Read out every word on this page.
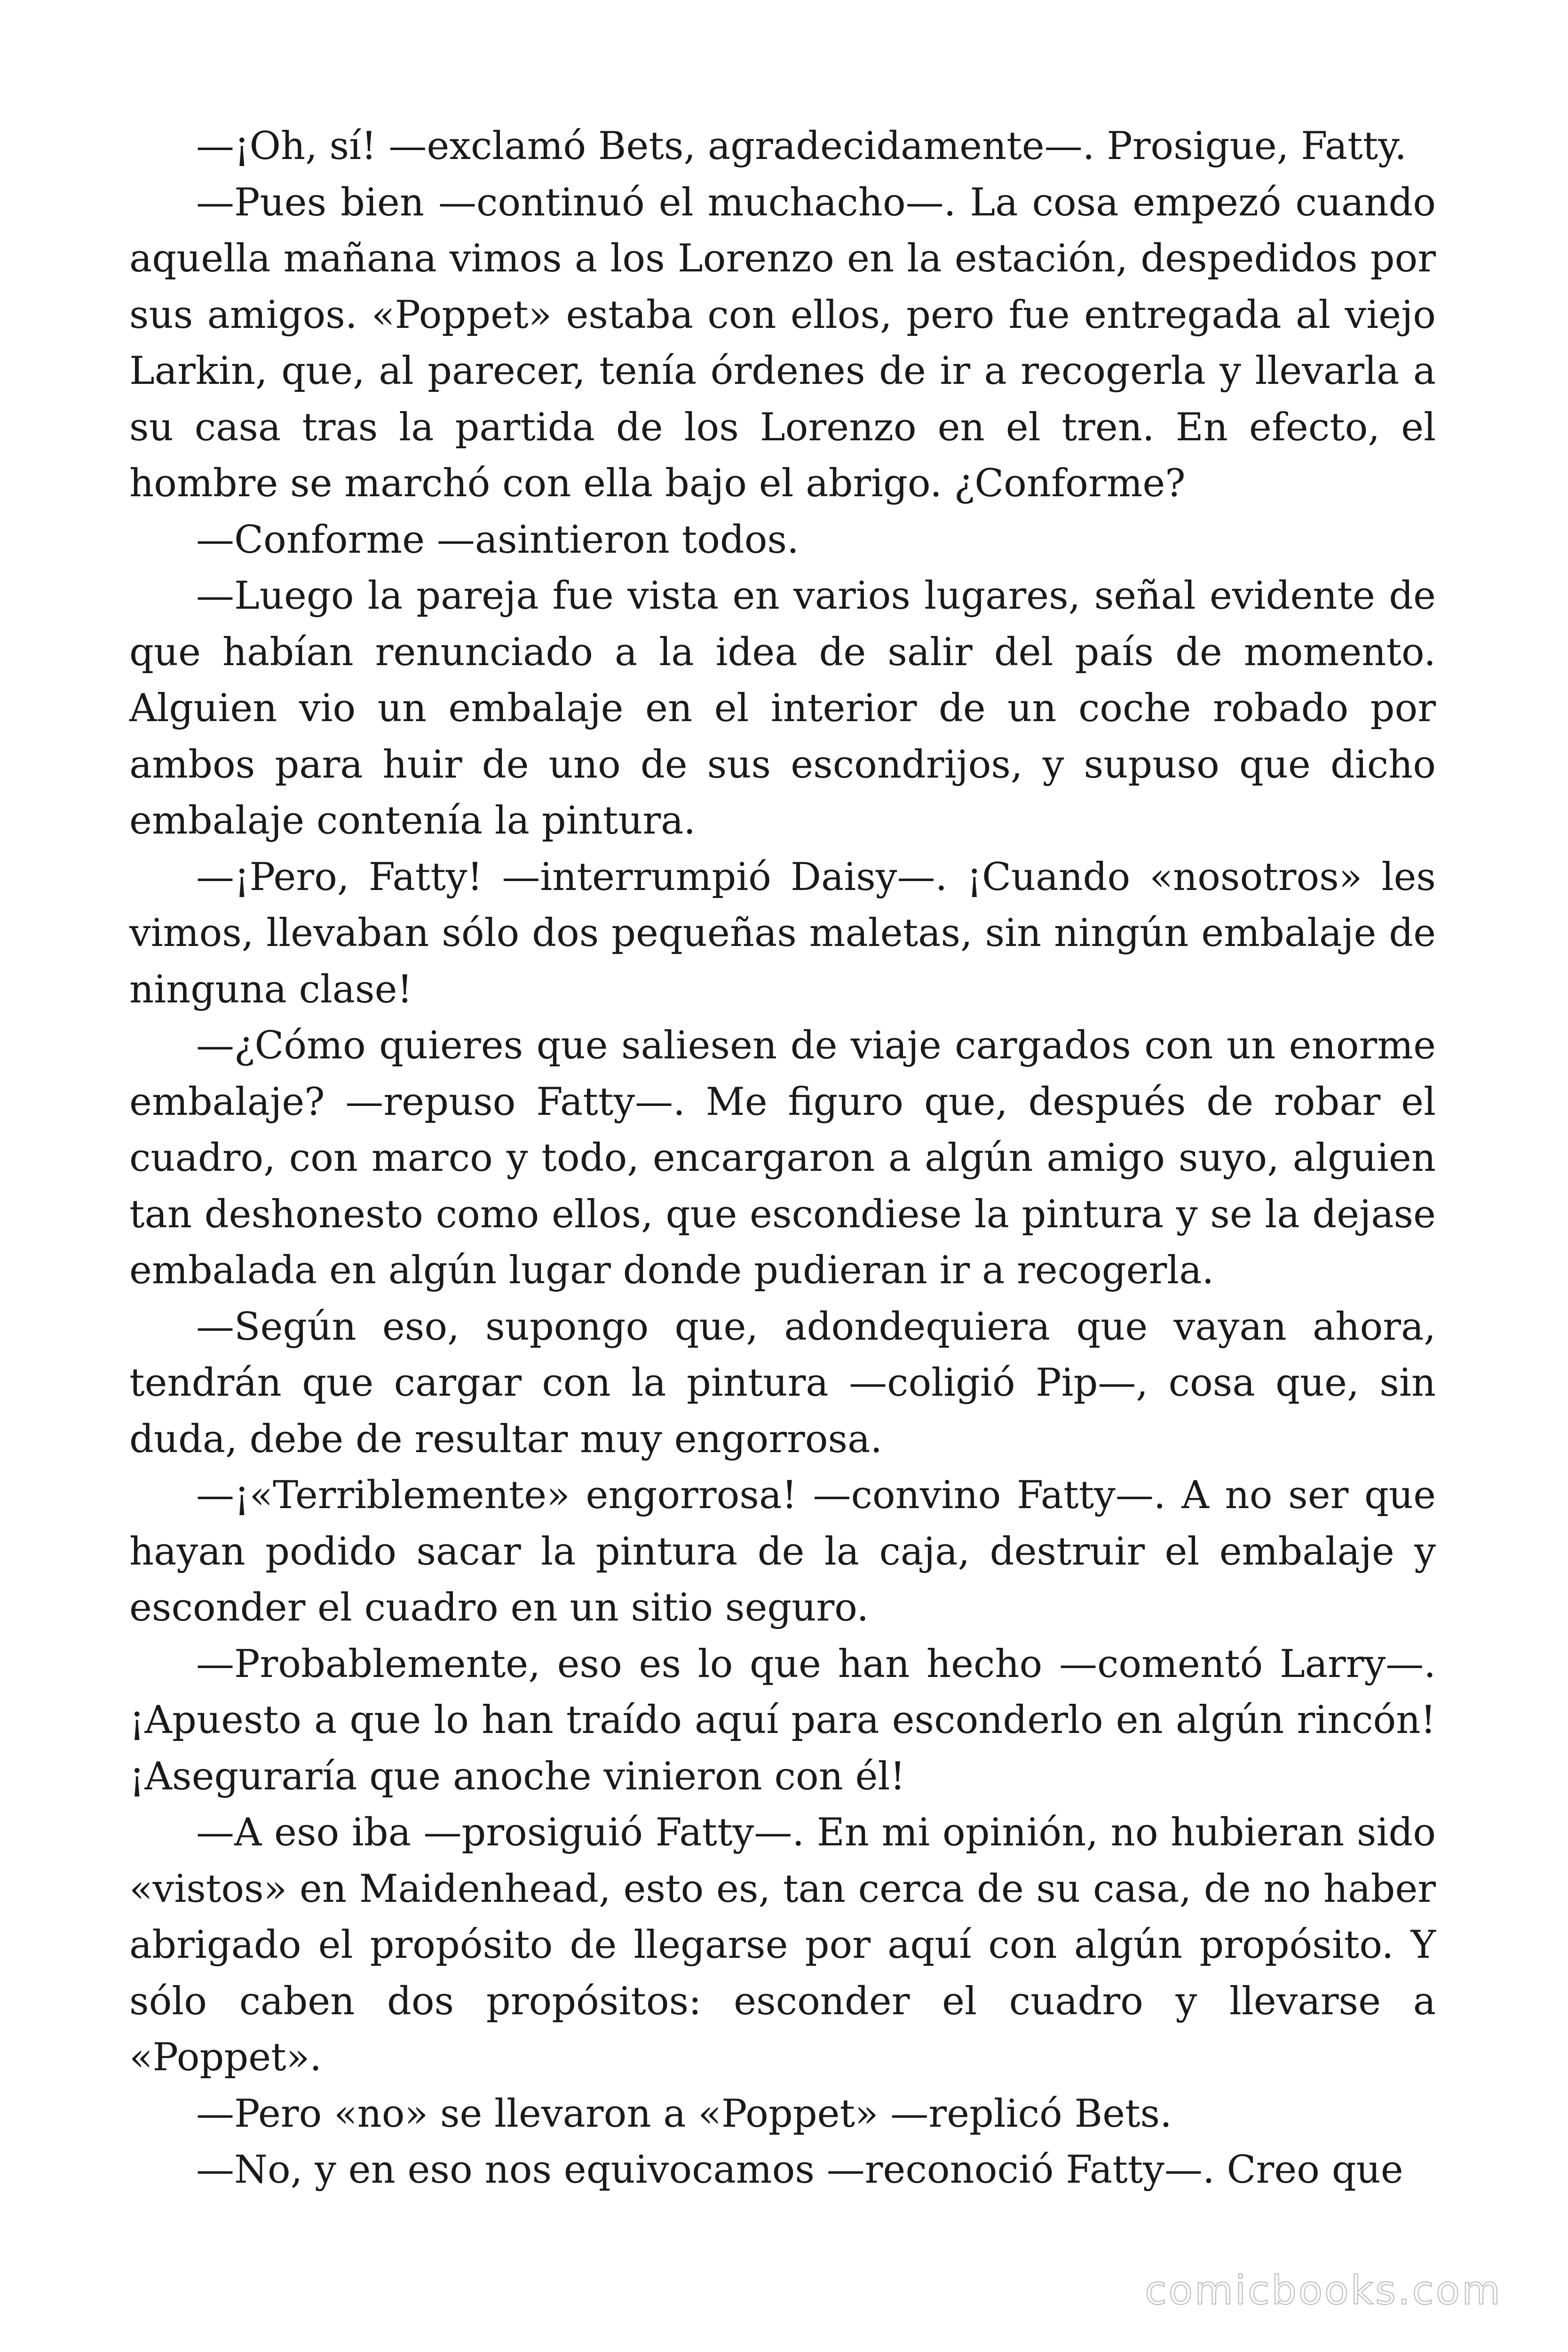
—¡Oh, sí! —exclamó Bets, agradecidamente—. Prosigue, Fatty.

—Pues bien —continuó el muchacho—. La cosa empezó cuando aquella mañana vimos a los Lorenzo en la estación, despedidos por sus amigos. «Poppet» estaba con ellos, pero fue entregada al viejo Larkin, que, al parecer, tenía órdenes de ir a recogerla y llevarla a su casa tras la partida de los Lorenzo en el tren. En efecto, el hombre se marchó con ella bajo el abrigo. ¿Conforme?

—Conforme —asintieron todos.

—Luego la pareja fue vista en varios lugares, señal evidente de que habían renunciado a la idea de salir del país de momento. Alguien vio un embalaje en el interior de un coche robado por ambos para huir de uno de sus escondrijos, y supuso que dicho embalaje contenía la pintura.

—¡Pero, Fatty! —interrumpió Daisy—. ¡Cuando «nosotros» les vimos, llevaban sólo dos pequeñas maletas, sin ningún embalaje de ninguna clase!

—¿Cómo quieres que saliesen de viaje cargados con un enorme embalaje? —repuso Fatty—. Me figuro que, después de robar el cuadro, con marco y todo, encargaron a algún amigo suyo, alguien tan deshonesto como ellos, que escondiese la pintura y se la dejase embalada en algún lugar donde pudieran ir a recogerla.

—Según eso, supongo que, adondequiera que vayan ahora, tendrán que cargar con la pintura —coligió Pip—, cosa que, sin duda, debe de resultar muy engorrosa.

—¡«Terriblemente» engorrosa! —convino Fatty—. A no ser que hayan podido sacar la pintura de la caja, destruir el embalaje y esconder el cuadro en un sitio seguro.

—Probablemente, eso es lo que han hecho —comentó Larry—. ¡Apuesto a que lo han traído aquí para esconderlo en algún rincón! ¡Aseguraría que anoche vinieron con él!

—A eso iba —prosiguió Fatty—. En mi opinión, no hubieran sido «vistos» en Maidenhead, esto es, tan cerca de su casa, de no haber abrigado el propósito de llegarse por aquí con algún propósito. Y sólo caben dos propósitos: esconder el cuadro y llevarse a «Poppet».

—Pero «no» se llevaron a «Poppet» —replicó Bets.

—No, y en eso nos equivocamos —reconoció Fatty—. Creo que

comicbooks.com
